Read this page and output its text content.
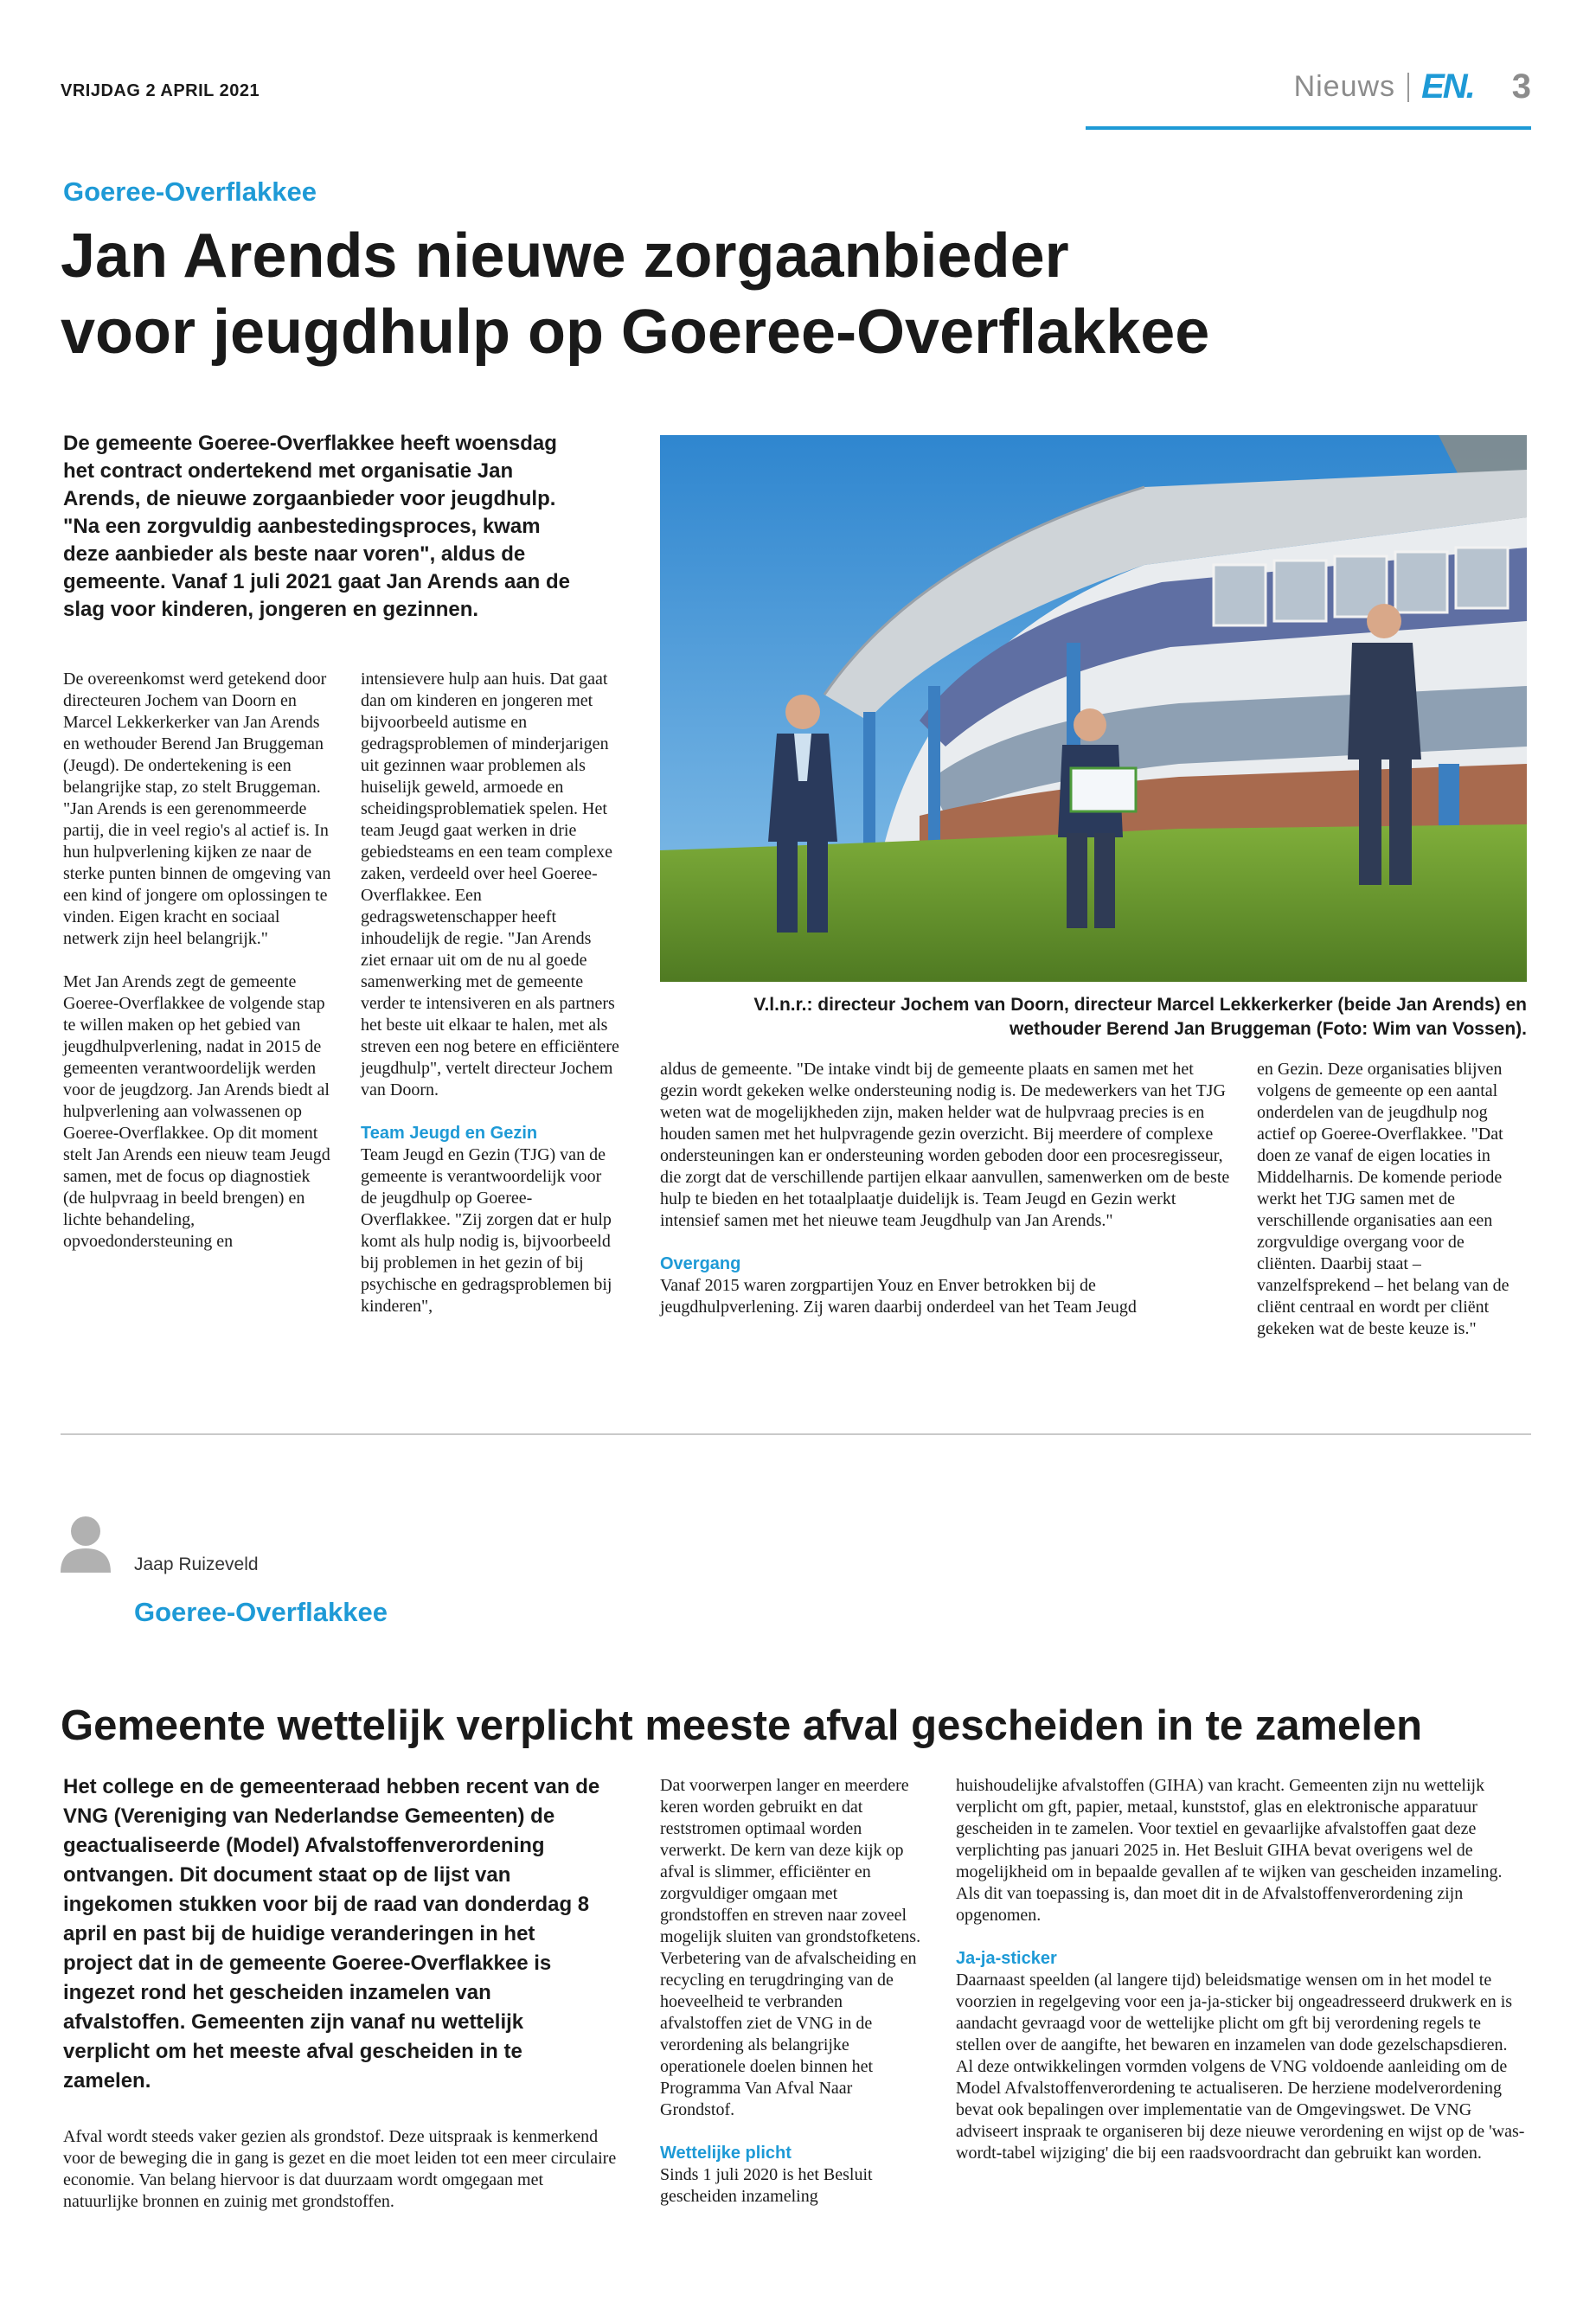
VRIJDAG 2 APRIL 2021	Nieuws EN. 3
Goeree-Overflakkee
Jan Arends nieuwe zorgaanbieder
voor jeugdhulp op Goeree-Overflakkee
De gemeente Goeree-Overflakkee heeft woensdag het contract ondertekend met organisatie Jan Arends, de nieuwe zorgaanbieder voor jeugdhulp. "Na een zorgvuldig aanbestedingsproces, kwam deze aanbieder als beste naar voren", aldus de gemeente. Vanaf 1 juli 2021 gaat Jan Arends aan de slag voor kinderen, jongeren en gezinnen.
V.l.n.r.: directeur Jochem van Doorn, directeur Marcel Lekkerkerker (beide Jan Arends) en wethouder Berend Jan Bruggeman (Foto: Wim van Vossen).

De overeenkomst werd getekend door directeuren Jochem van Doorn en Marcel Lekkerkerker van Jan Arends en wethouder Berend Jan Bruggeman (Jeugd). De ondertekening is een belangrijke stap, zo stelt Bruggeman. "Jan Arends is een gerenommeerde partij, die in veel regio's al actief is. In hun hulpverlening kijken ze naar de sterke punten binnen de omgeving van een kind of jongere om oplossingen te vinden. Eigen kracht en sociaal netwerk zijn heel belangrijk."

Met Jan Arends zegt de gemeente Goeree-Overflakkee de volgende stap te willen maken op het gebied van jeugdhulpverlening, nadat in 2015 de gemeenten verantwoordelijk werden voor de jeugdzorg. Jan Arends biedt al hulpverlening aan volwassenen op Goeree-Overflakkee. Op dit moment stelt Jan Arends een nieuw team Jeugd samen, met de focus op diagnostiek (de hulpvraag in beeld brengen) en lichte behandeling, opvoedondersteuning en

intensievere hulp aan huis. Dat gaat dan om kinderen en jongeren met bijvoorbeeld autisme en gedragsproblemen of minderjarigen uit gezinnen waar problemen als huiselijk geweld, armoede en scheidingsproblematiek spelen. Het team Jeugd gaat werken in drie gebiedsteams en een team complexe zaken, verdeeld over heel Goeree-Overflakkee. Een gedragswetenschapper heeft inhoudelijk de regie. "Jan Arends ziet ernaar uit om de nu al goede samenwerking met de gemeente verder te intensiveren en als partners het beste uit elkaar te halen, met als streven een nog betere en efficiëntere jeugdhulp", vertelt directeur Jochem van Doorn.

Team Jeugd en Gezin

Team Jeugd en Gezin (TJG) van de gemeente is verantwoordelijk voor de jeugdhulp op Goeree-Overflakkee. "Zij zorgen dat er hulp komt als hulp nodig is, bijvoorbeeld bij problemen in het gezin of bij psychische en gedragsproblemen bij kinderen",

aldus de gemeente. "De intake vindt bij de gemeente plaats en samen met het gezin wordt gekeken welke ondersteuning nodig is. De medewerkers van het TJG weten wat de mogelijkheden zijn, maken helder wat de hulpvraag precies is en houden samen met het hulpvragende gezin overzicht. Bij meerdere of complexe ondersteuningen kan er ondersteuning worden geboden door een procesregisseur, die zorgt dat de verschillende partijen elkaar aanvullen, samenwerken om de beste hulp te bieden en het totaalplaatje duidelijk is. Team Jeugd en Gezin werkt intensief samen met het nieuwe team Jeugdhulp van Jan Arends."

Overgang

Vanaf 2015 waren zorgpartijen Youz en Enver betrokken bij de jeugdhulpverlening. Zij waren daarbij onderdeel van het Team Jeugd

en Gezin. Deze organisaties blijven volgens de gemeente op een aantal onderdelen van de jeugdhulp nog actief op Goeree-Overflakkee. "Dat doen ze vanaf de eigen locaties in Middelharnis. De komende periode werkt het TJG samen met de verschillende organisaties aan een zorgvuldige overgang voor de cliënten. Daarbij staat – vanzelfsprekend – het belang van de cliënt centraal en wordt per cliënt gekeken wat de beste keuze is."

Jaap Ruizeveld
Goeree-Overflakkee
Gemeente wettelijk verplicht meeste afval gescheiden in te zamelen
Het college en de gemeenteraad hebben recent van de VNG (Vereniging van Nederlandse Gemeenten) de geactualiseerde (Model) Afvalstoffenverordening ontvangen. Dit document staat op de lijst van ingekomen stukken voor bij de raad van donderdag 8 april en past bij de huidige veranderingen in het project dat in de gemeente Goeree-Overflakkee is ingezet rond het gescheiden inzamelen van afvalstoffen. Gemeenten zijn vanaf nu wettelijk verplicht om het meeste afval gescheiden in te zamelen.

Afval wordt steeds vaker gezien als grondstof. Deze uitspraak is kenmerkend voor de beweging die in gang is gezet en die moet leiden tot een meer circulaire economie. Van belang hiervoor is dat duurzaam wordt omgegaan met natuurlijke bronnen en zuinig met grondstoffen.

Dat voorwerpen langer en meerdere keren worden gebruikt en dat reststromen optimaal worden verwerkt. De kern van deze kijk op afval is slimmer, efficiënter en zorgvuldiger omgaan met grondstoffen en streven naar zoveel mogelijk sluiten van grondstofketens. Verbetering van de afvalscheiding en recycling en terugdringing van de hoeveelheid te verbranden afvalstoffen ziet de VNG in de verordening als belangrijke operationele doelen binnen het Programma Van Afval Naar Grondstof.

Wettelijke plicht

Sinds 1 juli 2020 is het Besluit gescheiden inzameling

huishoudelijke afvalstoffen (GIHA) van kracht. Gemeenten zijn nu wettelijk verplicht om gft, papier, metaal, kunststof, glas en elektronische apparatuur gescheiden in te zamelen. Voor textiel en gevaarlijke afvalstoffen gaat deze verplichting pas januari 2025 in. Het Besluit GIHA bevat overigens wel de mogelijkheid om in bepaalde gevallen af te wijken van gescheiden inzameling. Als dit van toepassing is, dan moet dit in de Afvalstoffenverordening zijn opgenomen.

Ja-ja-sticker

Daarnaast speelden (al langere tijd) beleidsmatige wensen om in het model te voorzien in regelgeving voor een ja-ja-sticker bij ongeadresseerd drukwerk en is aandacht gevraagd voor de wettelijke plicht om gft bij verordening regels te stellen over de aangifte, het bewaren en inzamelen van dode gezelschapsdieren. Al deze ontwikkelingen vormden volgens de VNG voldoende aanleiding om de Model Afvalstoffenverordening te actualiseren. De herziene modelverordening bevat ook bepalingen over implementatie van de Omgevingswet. De VNG adviseert inspraak te organiseren bij deze nieuwe verordening en wijst op de 'was-wordt-tabel wijziging' die bij een raadsvoordracht dan gebruikt kan worden.
